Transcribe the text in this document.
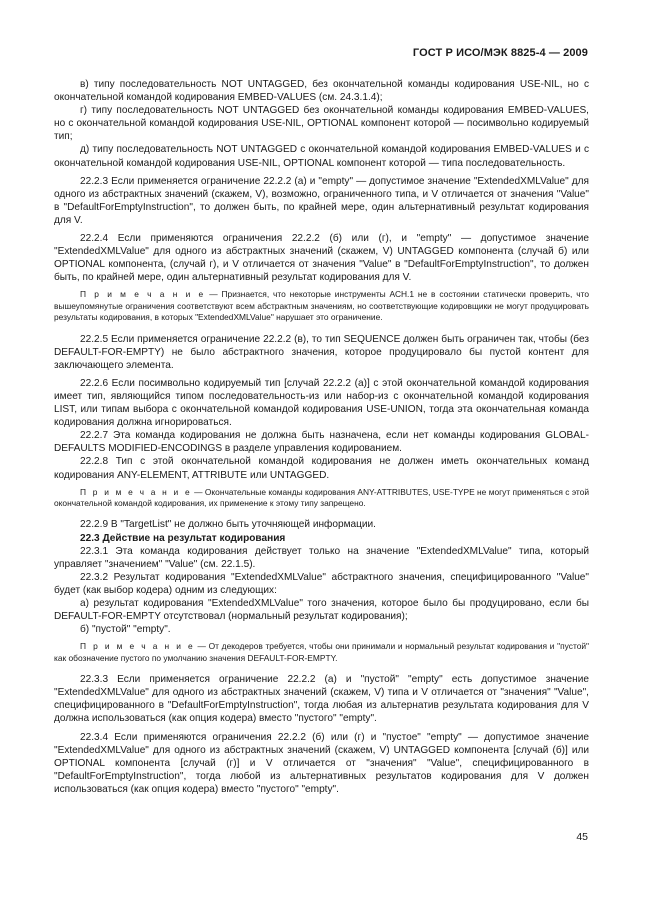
ГОСТ Р ИСО/МЭК 8825-4 — 2009

в) типу последовательность NOT UNTAGGED, без окончательной команды кодирования USE-NIL, но с окончательной командой кодирования EMBED-VALUES (см. 24.3.1.4);

г) типу последовательность NOT UNTAGGED без окончательной команды кодирования EMBED-VALUES, но с окончательной командой кодирования USE-NIL, OPTIONAL компонент которой — посимвольно кодируемый тип;

д) типу последовательность NOT UNTAGGED с окончательной командой кодирования EMBED-VALUES и с окончательной командой кодирования USE-NIL, OPTIONAL компонент которой — типа последовательность.

22.2.3 Если применяется ограничение 22.2.2 (а) и "empty" — допустимое значение "ExtendedXMLValue" для одного из абстрактных значений (скажем, V), возможно, ограниченного типа, и V отличается от значения "Value" в "DefaultForEmptyInstruction", то должен быть, по крайней мере, один альтернативный результат кодирования для V.

22.2.4 Если применяются ограничения 22.2.2 (б) или (г), и "empty" — допустимое значение "ExtendedXMLValue" для одного из абстрактных значений (скажем, V) UNTAGGED компонента (случай б) или OPTIONAL компонента, (случай г), и V отличается от значения "Value" в "DefaultForEmptyInstruction", то должен быть, по крайней мере, один альтернативный результат кодирования для V.

П р и м е ч а н и е — Признается, что некоторые инструменты АСН.1 не в состоянии статически проверить, что вышеупомянутые ограничения соответствуют всем абстрактным значениям, но соответствующие кодировщики не могут продуцировать результаты кодирования, в которых "ExtendedXMLValue" нарушает это ограничение.

22.2.5 Если применяется ограничение 22.2.2 (в), то тип SEQUENCE должен быть ограничен так, чтобы (без DEFAULT-FOR-EMPTY) не было абстрактного значения, которое продуцировало бы пустой контент для заключающего элемента.

22.2.6 Если посимвольно кодируемый тип [случай 22.2.2 (а)] с этой окончательной командой кодирования имеет тип, являющийся типом последовательность-из или набор-из с окончательной командой кодирования LIST, или типам выбора с окончательной командой кодирования USE-UNION, тогда эта окончательная команда кодирования должна игнорироваться.

22.2.7 Эта команда кодирования не должна быть назначена, если нет команды кодирования GLOBAL-DEFAULTS MODIFIED-ENCODINGS в разделе управления кодированием.

22.2.8 Тип с этой окончательной командой кодирования не должен иметь окончательных команд кодирования ANY-ELEMENT, ATTRIBUTE или UNTAGGED.

П р и м е ч а н и е — Окончательные команды кодирования ANY-ATTRIBUTES, USE-TYPE не могут применяться с этой окончательной командой кодирования, их применение к этому типу запрещено.

22.2.9 В "TargetList" не должно быть уточняющей информации.

22.3 Действие на результат кодирования

22.3.1 Эта команда кодирования действует только на значение "ExtendedXMLValue" типа, который управляет "значением" "Value" (см. 22.1.5).

22.3.2 Результат кодирования "ExtendedXMLValue" абстрактного значения, специфицированного "Value" будет (как выбор кодера) одним из следующих:

а) результат кодирования "ExtendedXMLValue" того значения, которое было бы продуцировано, если бы DEFAULT-FOR-EMPTY отсутствовал (нормальный результат кодирования);

б) "пустой" "empty".

П р и м е ч а н и е — От декодеров требуется, чтобы они принимали и нормальный результат кодирования и "пустой" как обозначение пустого по умолчанию значения DEFAULT-FOR-EMPTY.

22.3.3 Если применяется ограничение 22.2.2 (а) и "пустой" "empty" есть допустимое значение "ExtendedXMLValue" для одного из абстрактных значений (скажем, V) типа и V отличается от "значения" "Value", специфицированного в "DefaultForEmptyInstruction", тогда любая из альтернатив результата кодирования для V должна использоваться (как опция кодера) вместо "пустого" "empty".

22.3.4 Если применяются ограничения 22.2.2 (б) или (г) и "пустое" "empty" — допустимое значение "ExtendedXMLValue" для одного из абстрактных значений (скажем, V) UNTAGGED компонента [случай (б)] или OPTIONAL компонента [случай (г)] и V отличается от "значения" "Value", специфицированного в "DefaultForEmptyInstruction", тогда любой из альтернативных результатов кодирования для V должен использоваться (как опция кодера) вместо "пустого" "empty".

45
